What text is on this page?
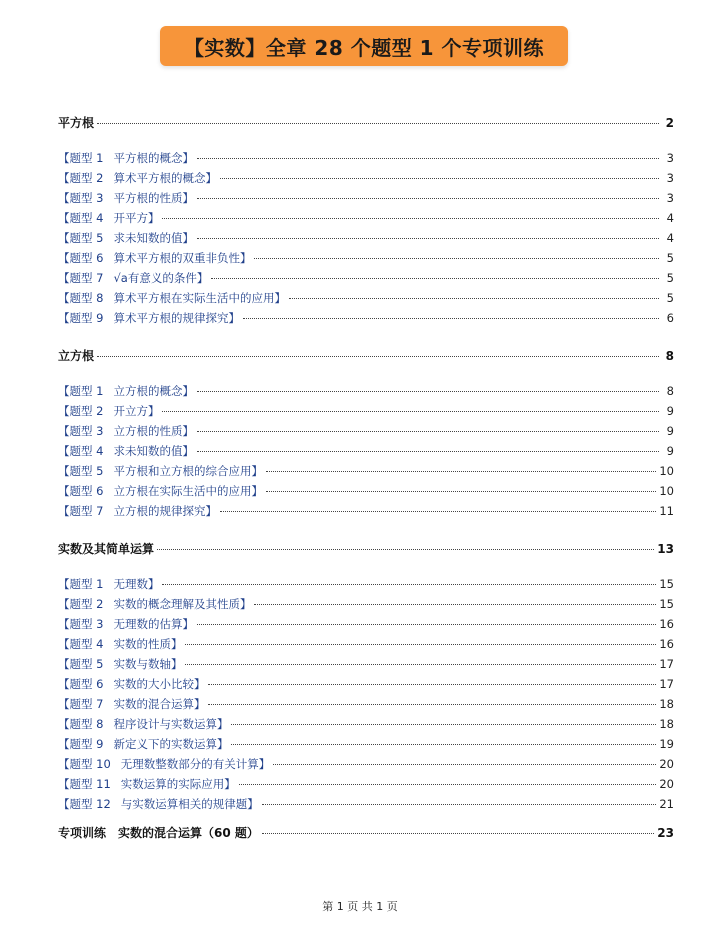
【实数】全章 28 个题型 1 个专项训练
平方根	2
【题型 1 平方根的概念】	3
【题型 2 算术平方根的概念】	3
【题型 3 平方根的性质】	3
【题型 4 开平方】	4
【题型 5 求未知数的值】	4
【题型 6 算术平方根的双重非负性】	5
【题型 7 √a有意义的条件】	5
【题型 8 算术平方根在实际生活中的应用】	5
【题型 9 算术平方根的规律探究】	6
立方根	8
【题型 1 立方根的概念】	8
【题型 2 开立方】	9
【题型 3 立方根的性质】	9
【题型 4 求未知数的值】	9
【题型 5 平方根和立方根的综合应用】	10
【题型 6 立方根在实际生活中的应用】	10
【题型 7 立方根的规律探究】	11
实数及其简单运算	13
【题型 1 无理数】	15
【题型 2 实数的概念理解及其性质】	15
【题型 3 无理数的估算】	16
【题型 4 实数的性质】	16
【题型 5 实数与数轴】	17
【题型 6 实数的大小比较】	17
【题型 7 实数的混合运算】	18
【题型 8 程序设计与实数运算】	18
【题型 9 新定义下的实数运算】	19
【题型 10 无理数整数部分的有关计算】	20
【题型 11 实数运算的实际应用】	20
【题型 12 与实数运算相关的规律题】	21
专项训练 实数的混合运算（60 题）	23
第 1 页 共 1 页
